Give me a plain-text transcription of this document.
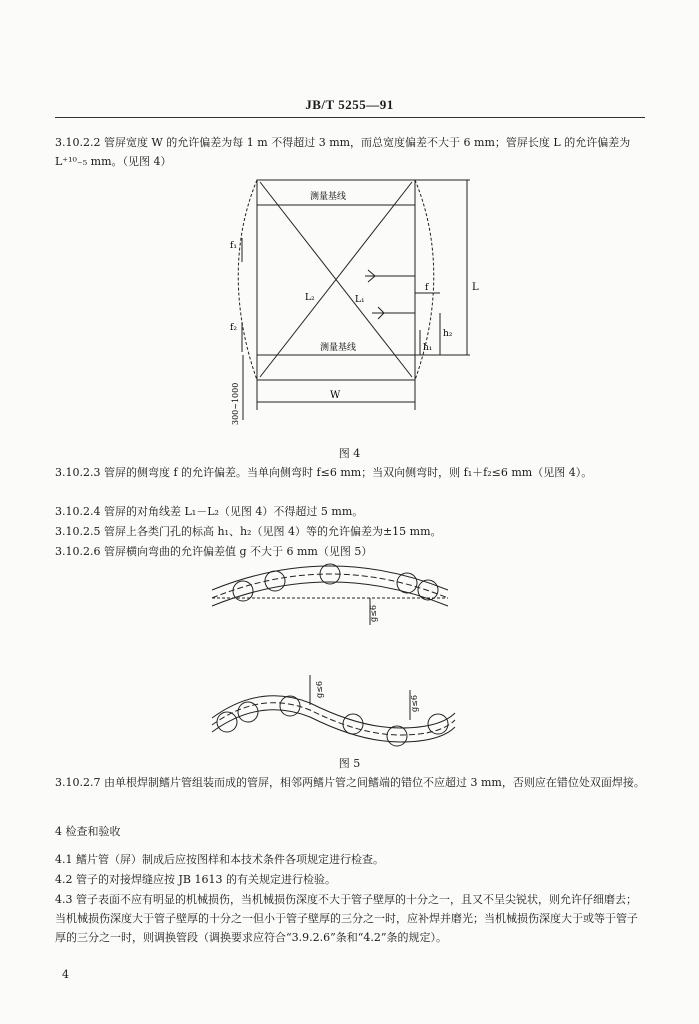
JB/T 5255—91
3.10.2.2 管屏宽度 W 的允许偏差为每 1 m 不得超过 3 mm，而总宽度偏差不大于 6 mm；管屏长度 L 的允许偏差为 L⁺¹⁰₋₅ mm。（见图 4）
测量基线
测量基线
W
L
f₁
f₂
f
L₁
L₂
h₂
h₁
300~1000
图 4
3.10.2.3 管屏的侧弯度 f 的允许偏差。当单向侧弯时 f≤6 mm；当双向侧弯时，则 f₁＋f₂≤6 mm（见图 4）。
3.10.2.4 管屏的对角线差 L₁－L₂（见图 4）不得超过 5 mm。
3.10.2.5 管屏上各类门孔的标高 h₁、h₂（见图 4）等的允许偏差为±15 mm。
3.10.2.6 管屏横向弯曲的允许偏差值 g 不大于 6 mm（见图 5）
g≤6
g≤6
g≤6
图 5
3.10.2.7 由单根焊制鳍片管组装而成的管屏，相邻两鳍片管之间鳍端的错位不应超过 3 mm，否则应在错位处双面焊接。
4 检查和验收
4.1 鳍片管（屏）制成后应按图样和本技术条件各项规定进行检查。
4.2 管子的对接焊缝应按 JB 1613 的有关规定进行检验。
4.3 管子表面不应有明显的机械损伤，当机械损伤深度不大于管子壁厚的十分之一，且又不呈尖锐状，则允许仔细磨去；当机械损伤深度大于管子壁厚的十分之一但小于管子壁厚的三分之一时，应补焊并磨光；当机械损伤深度大于或等于管子厚的三分之一时，则调换管段（调换要求应符合“3.9.2.6”条和“4.2”条的规定）。
4
